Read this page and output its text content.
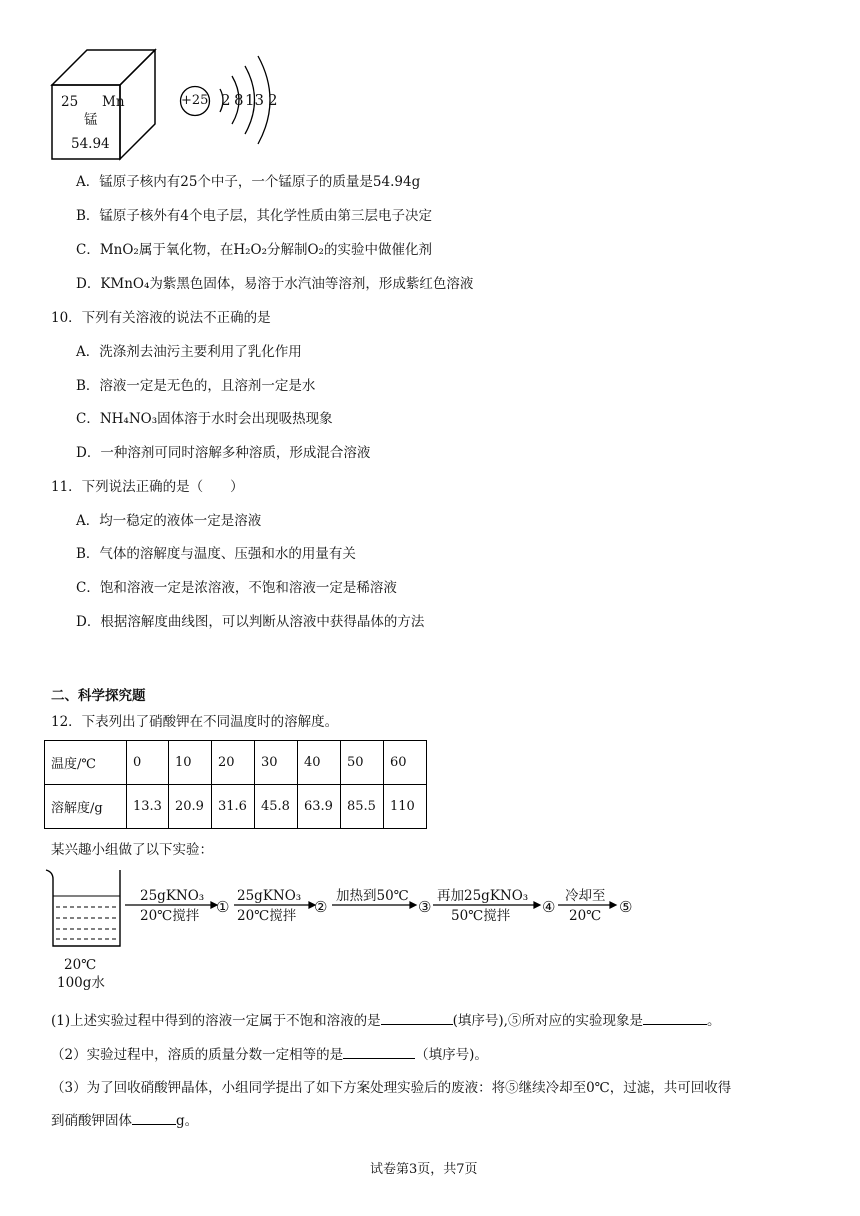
25 Mn
锰
54.94
+25 2 8 13 2
A．锰原子核内有25个中子，一个锰原子的质量是54.94g
B．锰原子核外有4个电子层，其化学性质由第三层电子决定
C．MnO₂属于氧化物，在H₂O₂分解制O₂的实验中做催化剂
D．KMnO₄为紫黑色固体，易溶于水汽油等溶剂，形成紫红色溶液
10．下列有关溶液的说法不正确的是
A．洗涤剂去油污主要利用了乳化作用
B．溶液一定是无色的，且溶剂一定是水
C．NH₄NO₃固体溶于水时会出现吸热现象
D．一种溶剂可同时溶解多种溶质，形成混合溶液
11．下列说法正确的是（　　）
A．均一稳定的液体一定是溶液
B．气体的溶解度与温度、压强和水的用量有关
C．饱和溶液一定是浓溶液，不饱和溶液一定是稀溶液
D．根据溶解度曲线图，可以判断从溶液中获得晶体的方法
二、科学探究题
12．下表列出了硝酸钾在不同温度时的溶解度。
温度/℃	0	10	20	30	40	50	60
溶解度/g	13.3	20.9	31.6	45.8	63.9	85.5	110
某兴趣小组做了以下实验：
20℃
100g水
25gKNO₃
20℃搅拌 ①
25gKNO₃
20℃搅拌 ②
加热到50℃
③
再加25gKNO₃
50℃搅拌 ④
冷却至
20℃ ⑤
(1)上述实验过程中得到的溶液一定属于不饱和溶液的是	(填序号),⑤所对应的实验现象是	。
（2）实验过程中，溶质的质量分数一定相等的是	（填序号)。
（3）为了回收硝酸钾晶体，小组同学提出了如下方案处理实验后的废液：将⑤继续冷却至0℃，过滤，共可回收得
到硝酸钾固体	g。
试卷第3页，共7页
